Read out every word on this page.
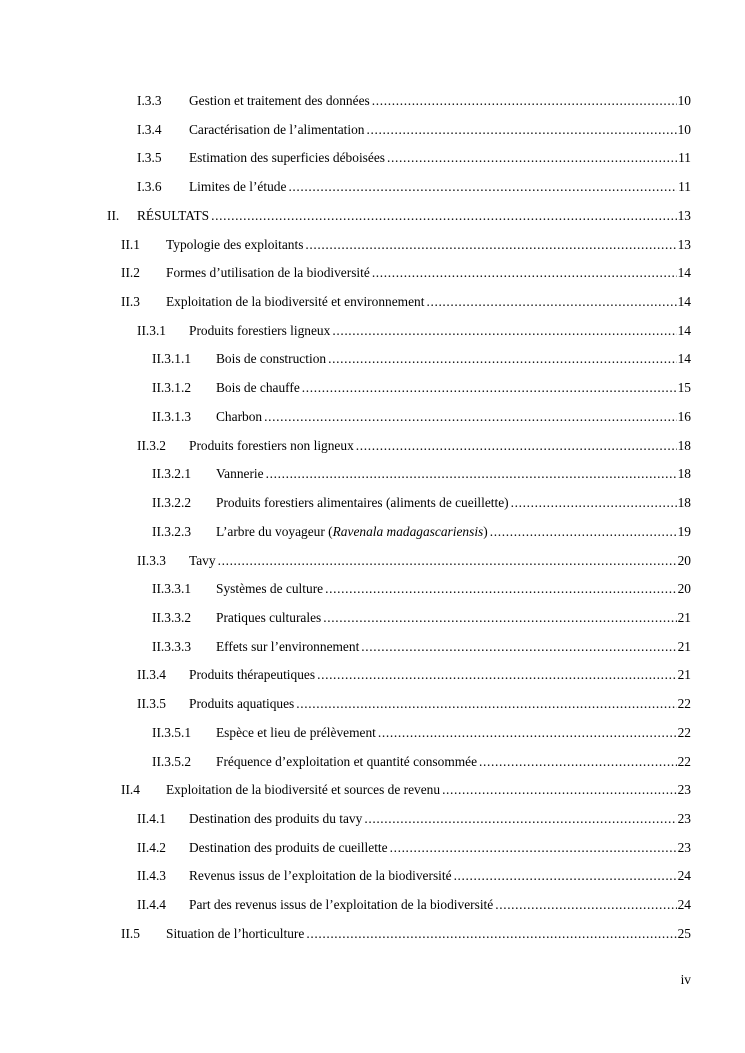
I.3.3 Gestion et traitement des données . . .	10
I.3.4 Caractérisation de l’alimentation . . .	10
I.3.5 Estimation des superficies déboisées . . .	11
I.3.6 Limites de l’étude . . .	11
II. RÉSULTATS . . .	13
II.1 Typologie des exploitants . . .	13
II.2 Formes d’utilisation de la biodiversité . . .	14
II.3 Exploitation de la biodiversité et environnement . . .	14
II.3.1 Produits forestiers ligneux . . .	14
II.3.1.1 Bois de construction . . .	14
II.3.1.2 Bois de chauffe . . .	15
II.3.1.3 Charbon . . .	16
II.3.2 Produits forestiers non ligneux . . .	18
II.3.2.1 Vannerie . . .	18
II.3.2.2 Produits forestiers alimentaires (aliments de cueillette) . . .	18
II.3.2.3 L’arbre du voyageur (Ravenala madagascariensis) . . .	19
II.3.3 Tavy . . .	20
II.3.3.1 Systèmes de culture . . .	20
II.3.3.2 Pratiques culturales . . .	21
II.3.3.3 Effets sur l’environnement . . .	21
II.3.4 Produits thérapeutiques . . .	21
II.3.5 Produits aquatiques . . .	22
II.3.5.1 Espèce et lieu de prélèvement . . .	22
II.3.5.2 Fréquence d’exploitation et quantité consommée . . .	22
II.4 Exploitation de la biodiversité et sources de revenu . . .	23
II.4.1 Destination des produits du tavy . . .	23
II.4.2 Destination des produits de cueillette . . .	23
II.4.3 Revenus issus de l’exploitation de la biodiversité . . .	24
II.4.4 Part des revenus issus de l’exploitation de la biodiversité . . .	24
II.5 Situation de l’horticulture . . .	25
iv
